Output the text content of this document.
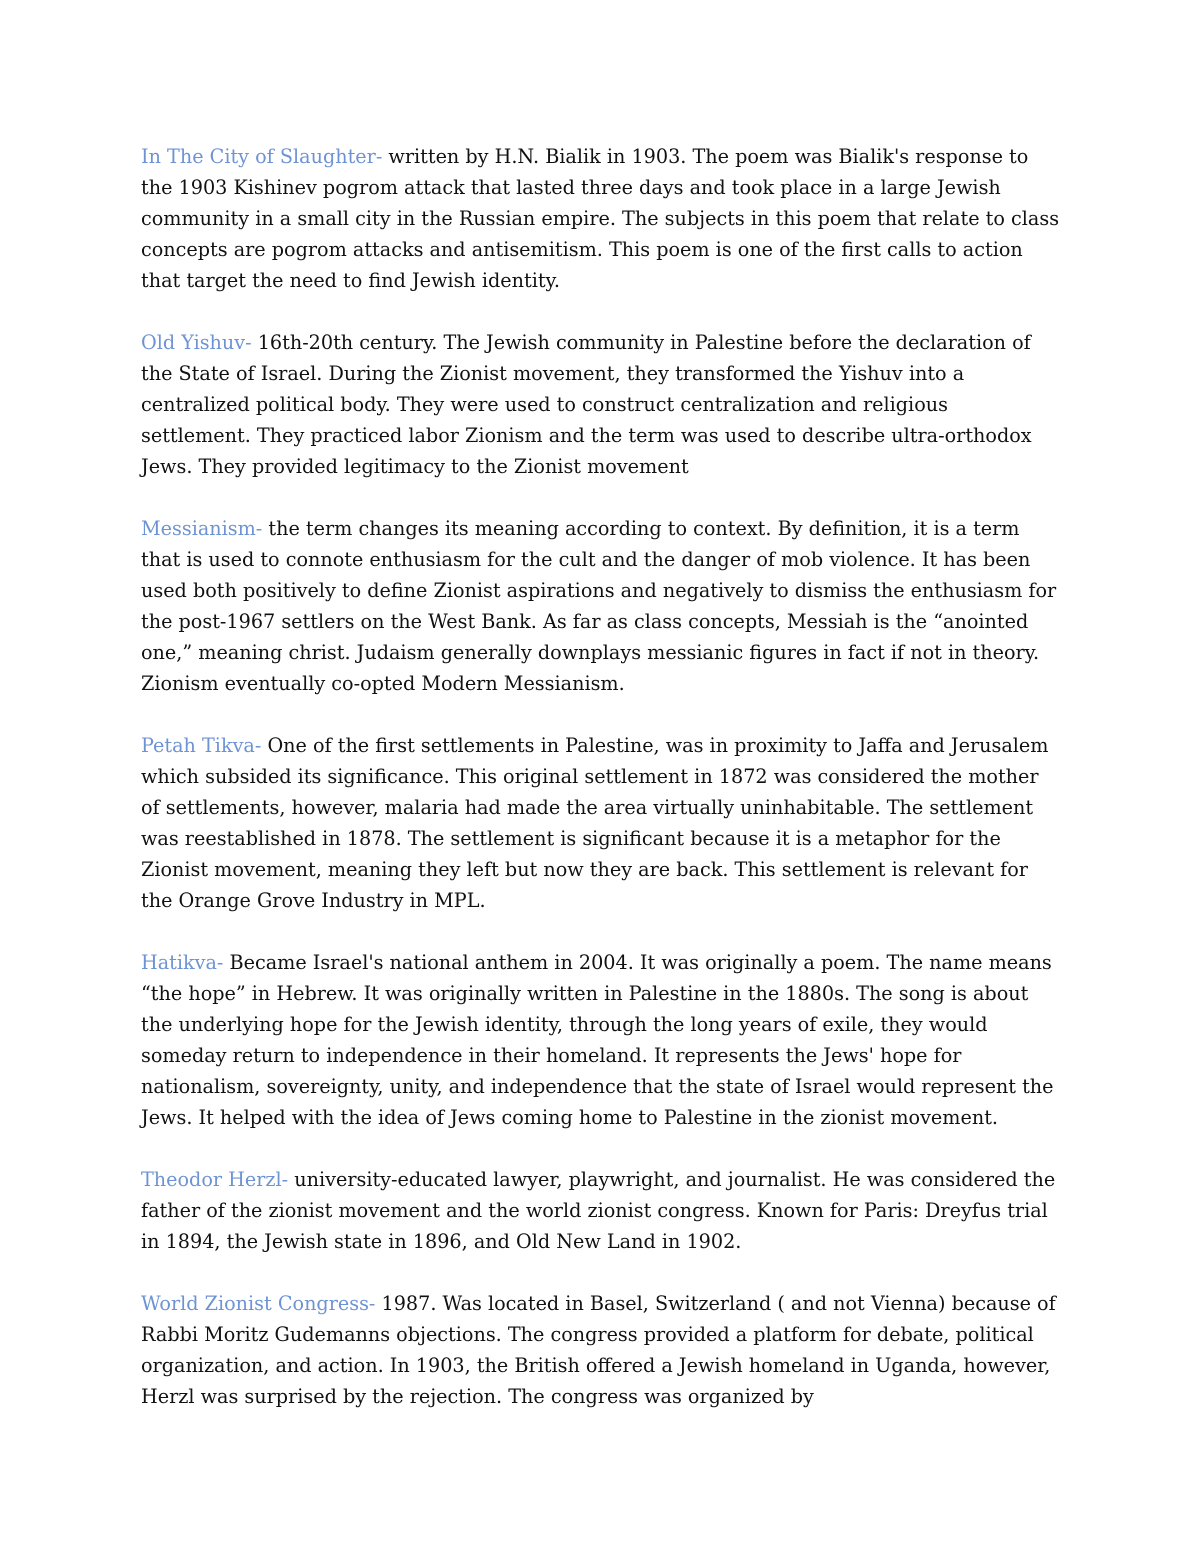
In The City of Slaughter- written by H.N. Bialik in 1903. The poem was Bialik's response to the 1903 Kishinev pogrom attack that lasted three days and took place in a large Jewish community in a small city in the Russian empire. The subjects in this poem that relate to class concepts are pogrom attacks and antisemitism. This poem is one of the first calls to action that target the need to find Jewish identity.

Old Yishuv- 16th-20th century. The Jewish community in Palestine before the declaration of the State of Israel. During the Zionist movement, they transformed the Yishuv into a centralized political body. They were used to construct centralization and religious settlement. They practiced labor Zionism and the term was used to describe ultra-orthodox Jews. They provided legitimacy to the Zionist movement

Messianism- the term changes its meaning according to context. By definition, it is a term that is used to connote enthusiasm for the cult and the danger of mob violence. It has been used both positively to define Zionist aspirations and negatively to dismiss the enthusiasm for the post-1967 settlers on the West Bank. As far as class concepts, Messiah is the “anointed one,” meaning christ. Judaism generally downplays messianic figures in fact if not in theory. Zionism eventually co-opted Modern Messianism.

Petah Tikva- One of the first settlements in Palestine, was in proximity to Jaffa and Jerusalem which subsided its significance. This original settlement in 1872 was considered the mother of settlements, however, malaria had made the area virtually uninhabitable. The settlement was reestablished in 1878. The settlement is significant because it is a metaphor for the Zionist movement, meaning they left but now they are back. This settlement is relevant for the Orange Grove Industry in MPL.

Hatikva- Became Israel's national anthem in 2004. It was originally a poem. The name means “the hope” in Hebrew. It was originally written in Palestine in the 1880s. The song is about the underlying hope for the Jewish identity, through the long years of exile, they would someday return to independence in their homeland. It represents the Jews' hope for nationalism, sovereignty, unity, and independence that the state of Israel would represent the Jews. It helped with the idea of Jews coming home to Palestine in the zionist movement.

Theodor Herzl- university-educated lawyer, playwright, and journalist. He was considered the father of the zionist movement and the world zionist congress. Known for Paris: Dreyfus trial in 1894, the Jewish state in 1896, and Old New Land in 1902.

World Zionist Congress- 1987. Was located in Basel, Switzerland ( and not Vienna) because of Rabbi Moritz Gudemanns objections. The congress provided a platform for debate, political organization, and action. In 1903, the British offered a Jewish homeland in Uganda, however, Herzl was surprised by the rejection. The congress was organized by
